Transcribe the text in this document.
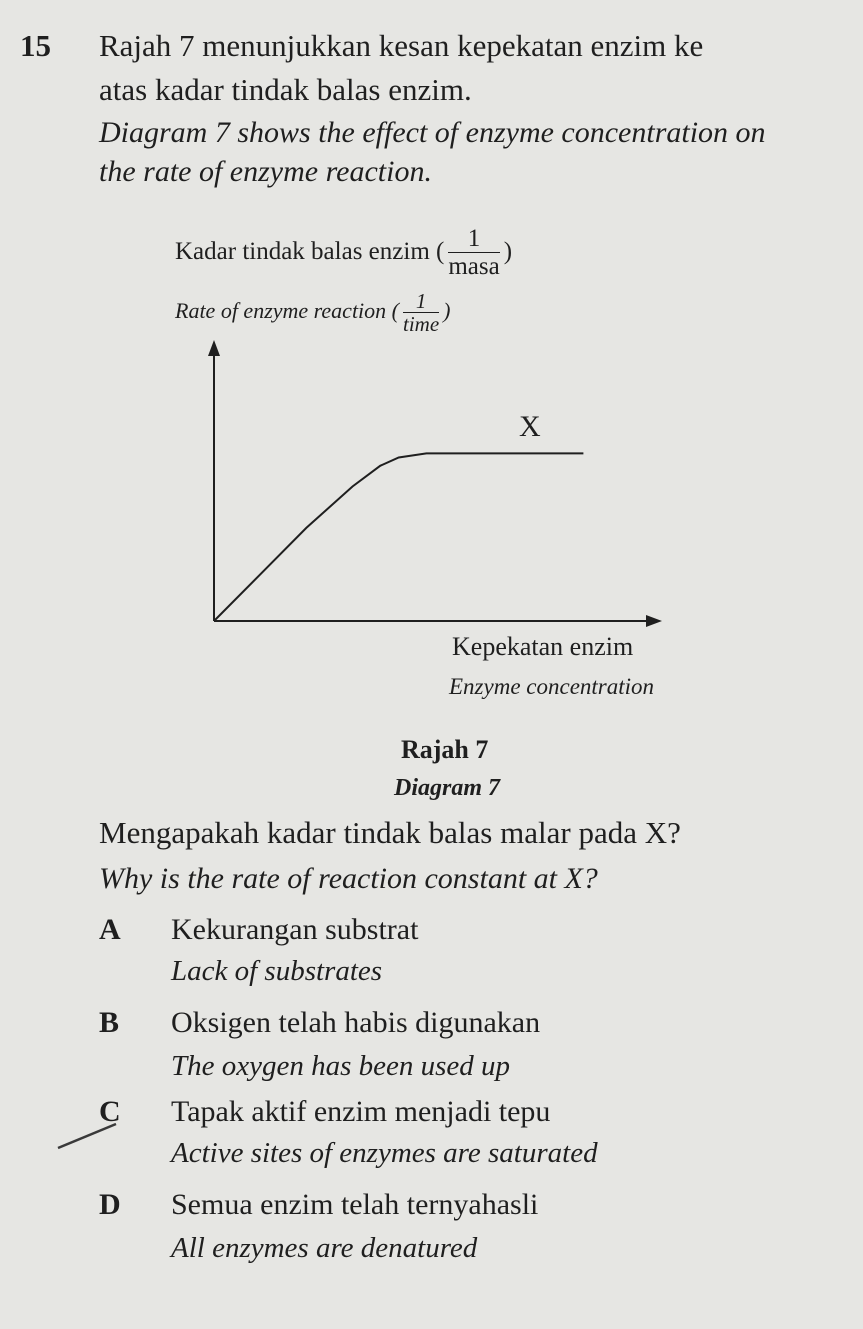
15 Rajah 7 menunjukkan kesan kepekatan enzim ke
atas kadar tindak balas enzim.
Diagram 7 shows the effect of enzyme concentration on
the rate of enzyme reaction.
Kadar tindak balas enzim ( $\frac{1}{\text{masa}}$ )
Rate of enzyme reaction ( $\frac{1}{\text{time}}$ )
X
Kepekatan enzim
Enzyme concentration
Rajah 7
Diagram 7
Mengapakah kadar tindak balas malar pada X?
Why is the rate of reaction constant at X?
A Kekurangan substrat
Lack of substrates
B Oksigen telah habis digunakan
The oxygen has been used up
C Tapak aktif enzim menjadi tepu
Active sites of enzymes are saturated
D Semua enzim telah ternyahasli
All enzymes are denatured
